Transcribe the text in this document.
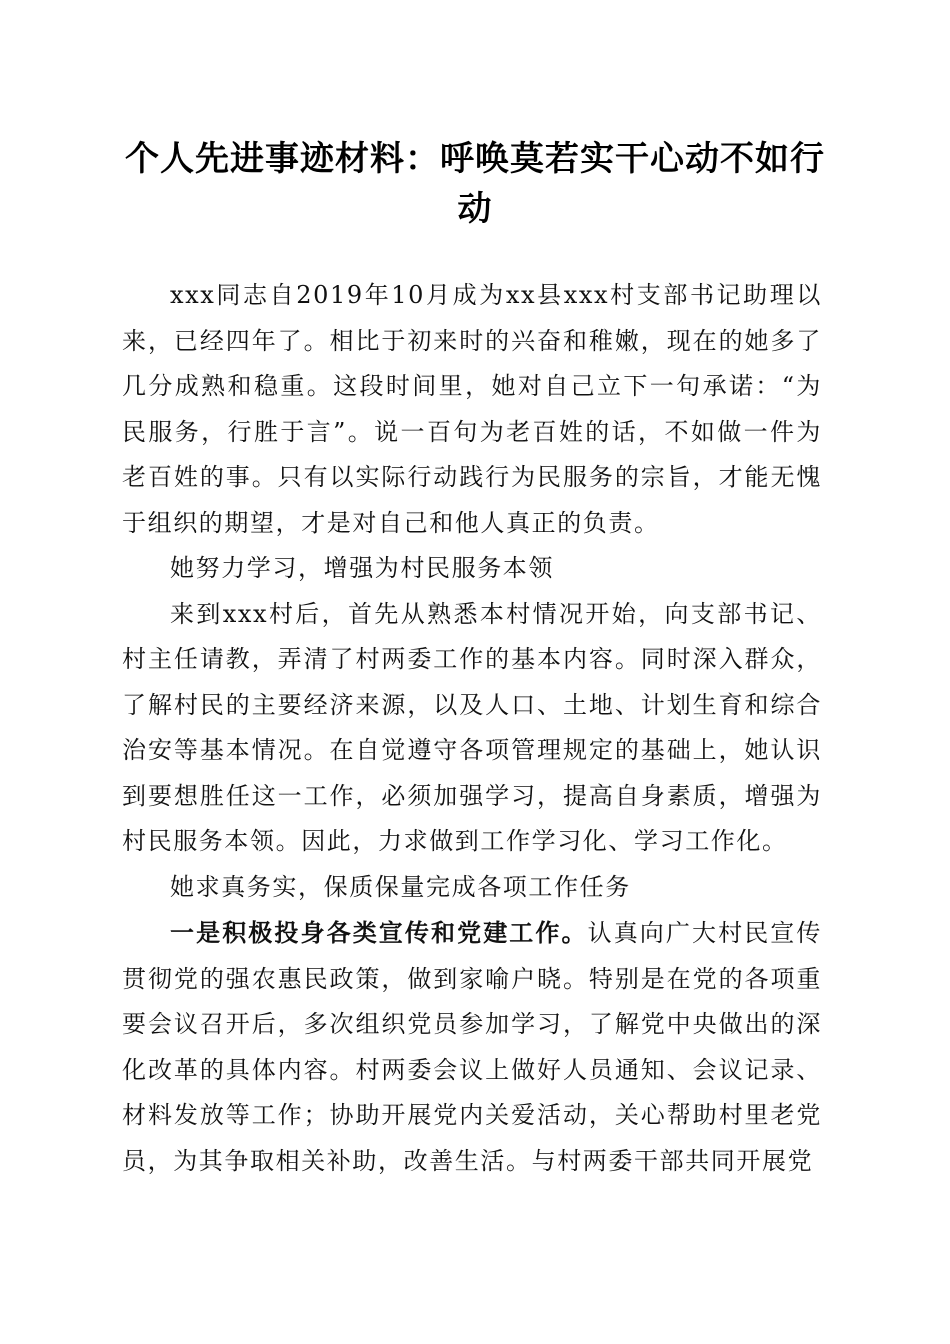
个人先进事迹材料：呼唤莫若实干心动不如行动

xxx同志自2019年10月成为xx县xxx村支部书记助理以来，已经四年了。相比于初来时的兴奋和稚嫩，现在的她多了几分成熟和稳重。这段时间里，她对自己立下一句承诺：“为民服务，行胜于言”。说一百句为老百姓的话，不如做一件为老百姓的事。只有以实际行动践行为民服务的宗旨，才能无愧于组织的期望，才是对自己和他人真正的负责。

她努力学习，增强为村民服务本领

来到xxx村后，首先从熟悉本村情况开始，向支部书记、村主任请教，弄清了村两委工作的基本内容。同时深入群众，了解村民的主要经济来源，以及人口、土地、计划生育和综合治安等基本情况。在自觉遵守各项管理规定的基础上，她认识到要想胜任这一工作，必须加强学习，提高自身素质，增强为村民服务本领。因此，力求做到工作学习化、学习工作化。

她求真务实，保质保量完成各项工作任务

一是积极投身各类宣传和党建工作。认真向广大村民宣传贯彻党的强农惠民政策，做到家喻户晓。特别是在党的各项重要会议召开后，多次组织党员参加学习，了解党中央做出的深化改革的具体内容。村两委会议上做好人员通知、会议记录、材料发放等工作；协助开展党内关爱活动，关心帮助村里老党员，为其争取相关补助，改善生活。与村两委干部共同开展党
